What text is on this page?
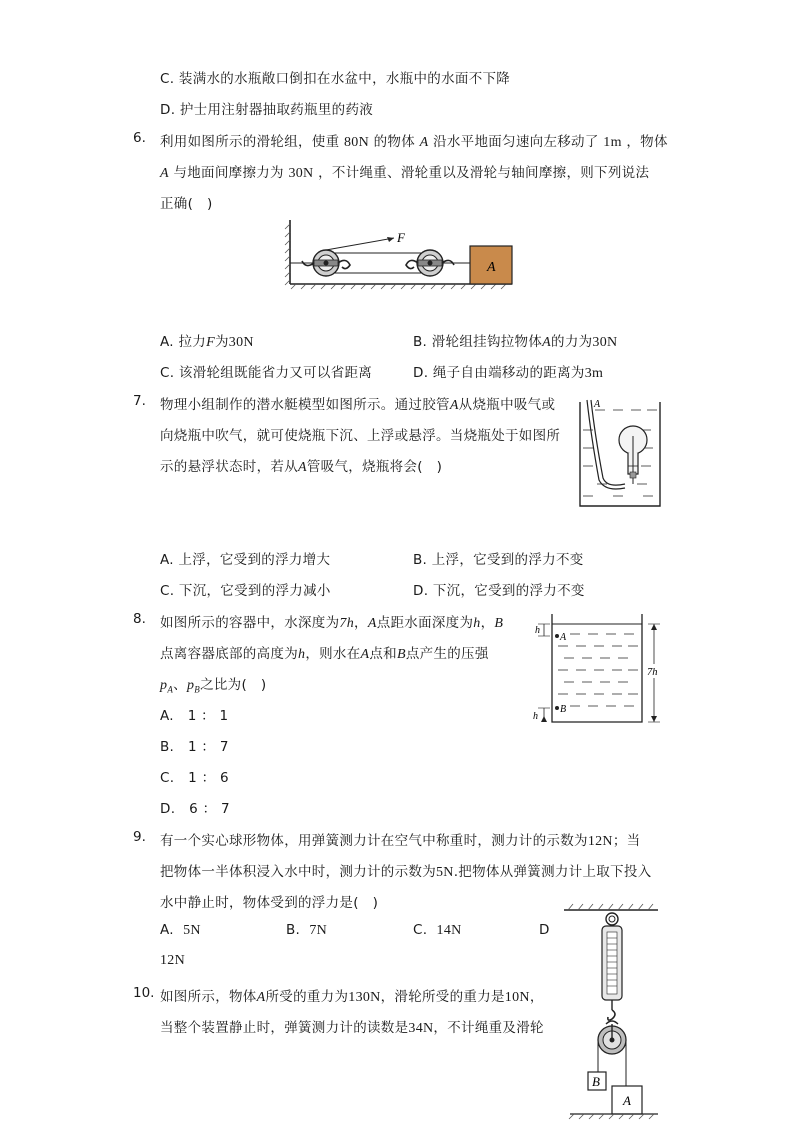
C. 装满水的水瓶敞口倒扣在水盆中，水瓶中的水面不下降
D. 护士用注射器抽取药瓶里的药液
6. 利用如图所示的滑轮组，使重 80N 的物体 A 沿水平地面匀速向左移动了 1m ，物体
A 与地面间摩擦力为 30N ，不计绳重、滑轮重以及滑轮与轴间摩擦，则下列说法
正确(　)
F
A
A. 拉力F为30N	B. 滑轮组挂钩拉物体A的力为30N
C. 该滑轮组既能省力又可以省距离	D. 绳子自由端移动的距离为3m
7. 物理小组制作的潜水艇模型如图所示。通过胶管A从烧瓶中吸气或
向烧瓶中吹气，就可使烧瓶下沉、上浮或悬浮。当烧瓶处于如图所
示的悬浮状态时，若从A管吸气，烧瓶将会(　)
A
A. 上浮，它受到的浮力增大	B. 上浮，它受到的浮力不变
C. 下沉，它受到的浮力减小	D. 下沉，它受到的浮力不变
8. 如图所示的容器中，水深度为7h，A点距水面深度为h，B
点离容器底部的高度为h，则水在A点和B点产生的压强
$p_A$、$p_B$之比为(　)
A.　1 ： 1
B.　1 ： 7
C.　1 ： 6
D.　6 ： 7
A
h
B
h
7h
9. 有一个实心球形物体，用弹簧测力计在空气中称重时，测力计的示数为12N；当
把物体一半体积浸入水中时，测力计的示数为5N.把物体从弹簧测力计上取下投入
水中静止时，物体受到的浮力是(　)
A. 5N	B. 7N	C. 14N	D
12N
10. 如图所示，物体A所受的重力为130N，滑轮所受的重力是10N，
当整个装置静止时，弹簧测力计的读数是34N，不计绳重及滑轮
B
A
